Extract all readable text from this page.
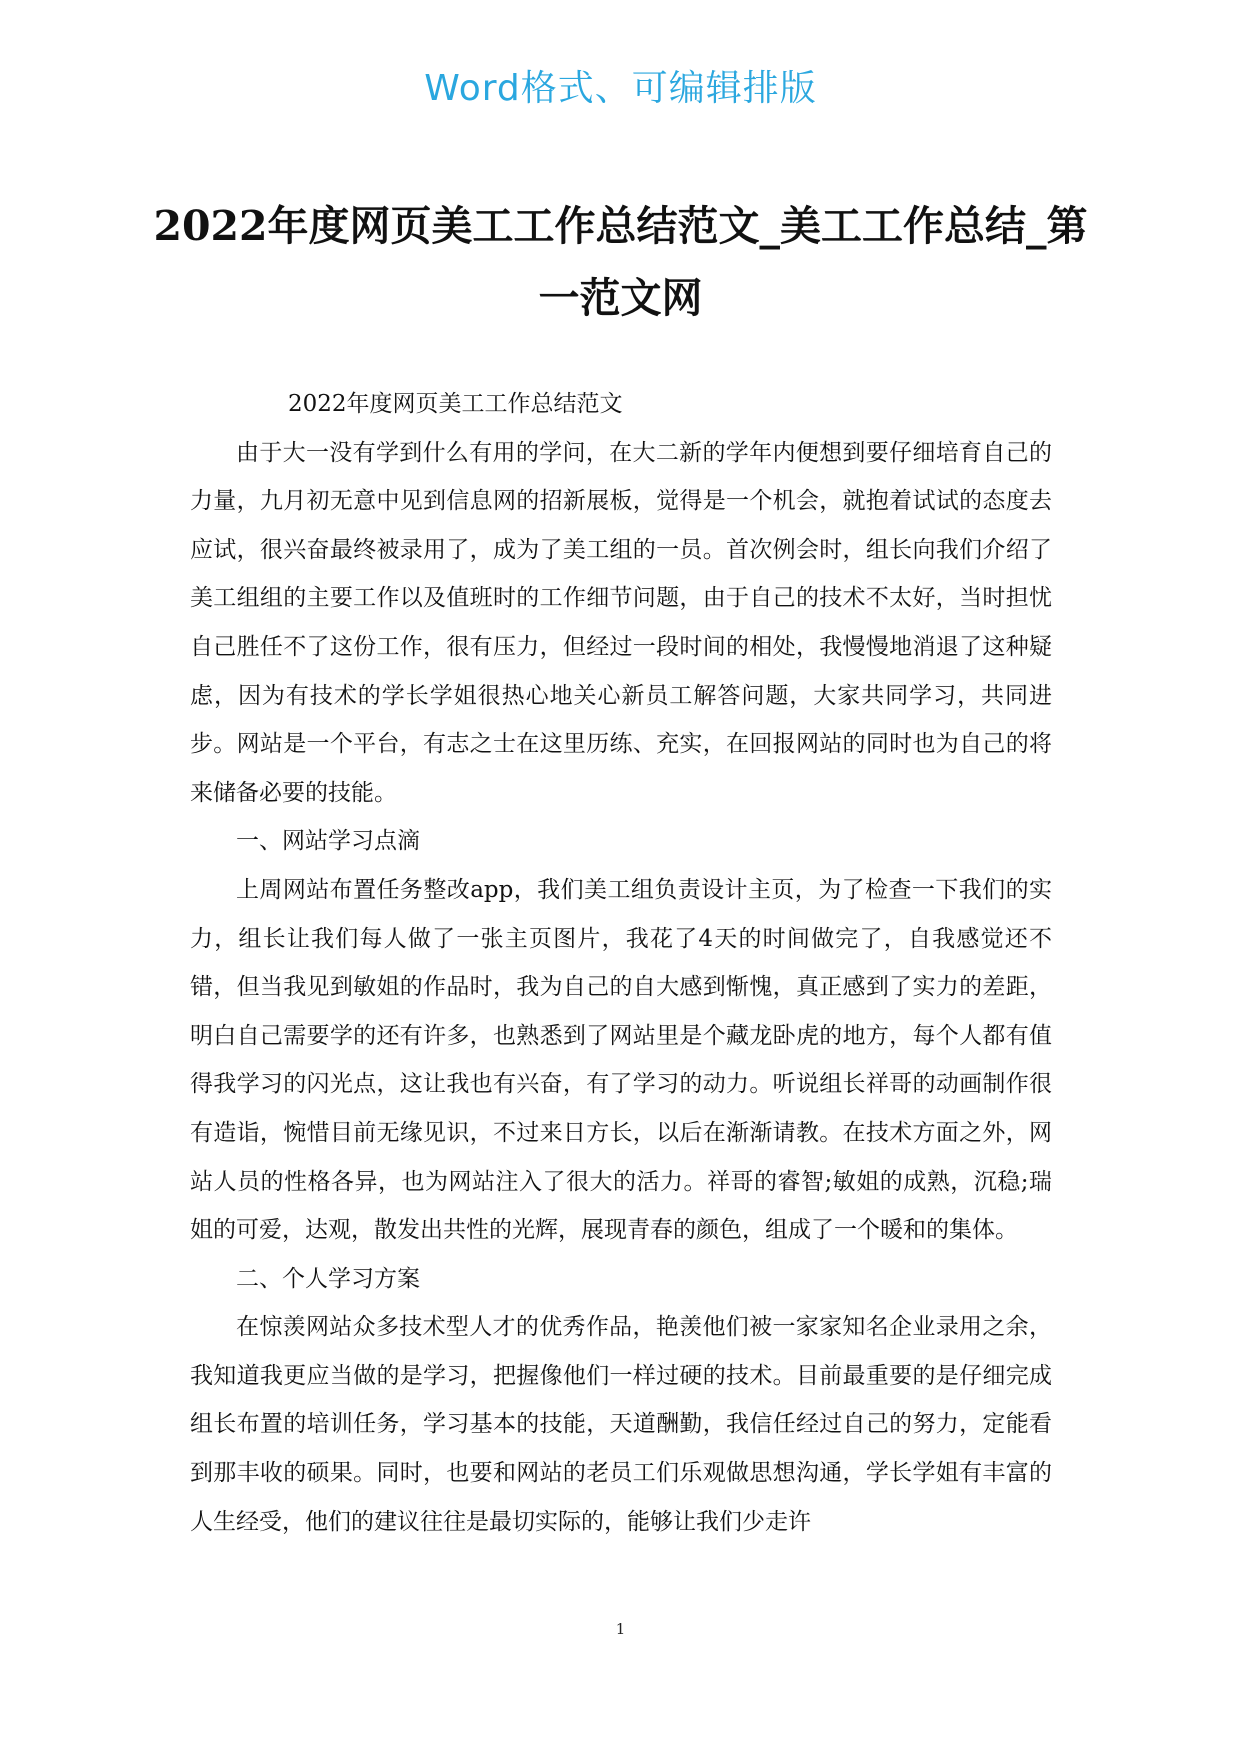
Word格式、可编辑排版
2022年度网页美工工作总结范文_美工工作总结_第一范文网

2022年度网页美工工作总结范文

由于大一没有学到什么有用的学问，在大二新的学年内便想到要仔细培育自己的力量，九月初无意中见到信息网的招新展板，觉得是一个机会，就抱着试试的态度去应试，很兴奋最终被录用了，成为了美工组的一员。首次例会时，组长向我们介绍了美工组组的主要工作以及值班时的工作细节问题，由于自己的技术不太好，当时担忧自己胜任不了这份工作，很有压力，但经过一段时间的相处，我慢慢地消退了这种疑虑，因为有技术的学长学姐很热心地关心新员工解答问题，大家共同学习，共同进步。网站是一个平台，有志之士在这里历练、充实，在回报网站的同时也为自己的将来储备必要的技能。

一、网站学习点滴

上周网站布置任务整改app，我们美工组负责设计主页，为了检查一下我们的实力，组长让我们每人做了一张主页图片，我花了4天的时间做完了，自我感觉还不错，但当我见到敏姐的作品时，我为自己的自大感到惭愧，真正感到了实力的差距，明白自己需要学的还有许多，也熟悉到了网站里是个藏龙卧虎的地方，每个人都有值得我学习的闪光点，这让我也有兴奋，有了学习的动力。听说组长祥哥的动画制作很有造诣，惋惜目前无缘见识，不过来日方长，以后在渐渐请教。在技术方面之外，网站人员的性格各异，也为网站注入了很大的活力。祥哥的睿智;敏姐的成熟，沉稳;瑞姐的可爱，达观，散发出共性的光辉，展现青春的颜色，组成了一个暖和的集体。

二、个人学习方案

在惊羡网站众多技术型人才的优秀作品，艳羡他们被一家家知名企业录用之余，我知道我更应当做的是学习，把握像他们一样过硬的技术。目前最重要的是仔细完成组长布置的培训任务，学习基本的技能，天道酬勤，我信任经过自己的努力，定能看到那丰收的硕果。同时，也要和网站的老员工们乐观做思想沟通，学长学姐有丰富的人生经受，他们的建议往往是最切实际的，能够让我们少走许

1
